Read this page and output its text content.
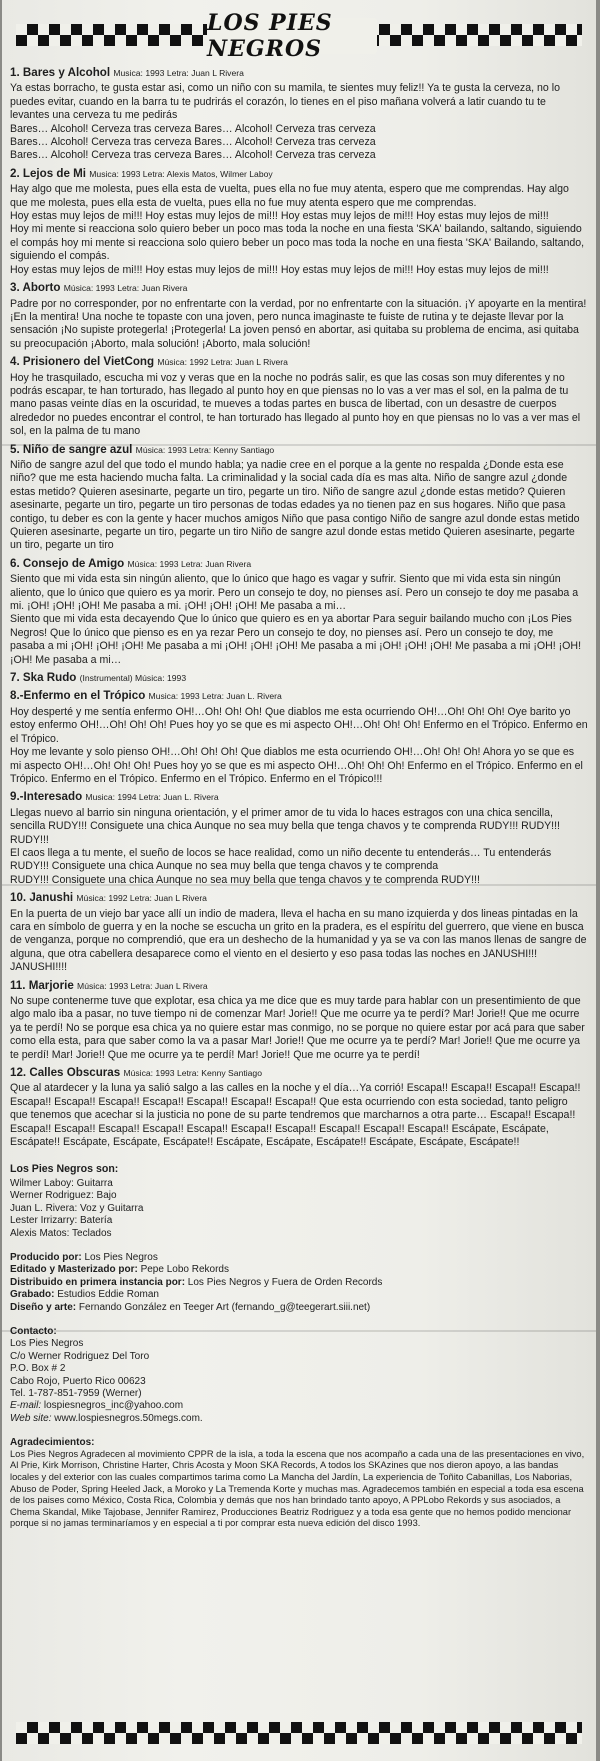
LOS PIES NEGROS
1. Bares y Alcohol Musica: 1993 Letra: Juan L Rivera
Ya estas borracho, te gusta estar asi, como un niño con su mamila, te sientes muy feliz!! Ya te gusta la cerveza, no lo puedes evitar, cuando en la barra tu te pudrirás el corazón, lo tienes en el piso mañana volverá a latir cuando tu te levantes una cerveza tu me pedirás
Bares… Alcohol! Cerveza tras cerveza Bares… Alcohol! Cerveza tras cerveza
Bares… Alcohol! Cerveza tras cerveza Bares… Alcohol! Cerveza tras cerveza
Bares… Alcohol! Cerveza tras cerveza Bares… Alcohol! Cerveza tras cerveza
2. Lejos de Mi Musica: 1993 Letra: Alexis Matos, Wilmer Laboy
Hay algo que me molesta, pues ella esta de vuelta, pues ella no fue muy atenta, espero que me comprendas. Hay algo que me molesta, pues ella esta de vuelta, pues ella no fue muy atenta espero que me comprendas.
Hoy estas muy lejos de mi!!! Hoy estas muy lejos de mi!!! Hoy estas muy lejos de mi!!! Hoy estas muy lejos de mi!!!
Hoy mi mente si reacciona solo quiero beber un poco mas toda la noche en una fiesta 'SKA' bailando, saltando, siguiendo el compás hoy mi mente si reacciona solo quiero beber un poco mas toda la noche en una fiesta 'SKA' Bailando, saltando, siguiendo el compás.
Hoy estas muy lejos de mi!!! Hoy estas muy lejos de mi!!! Hoy estas muy lejos de mi!!! Hoy estas muy lejos de mi!!!
3. Aborto Música: 1993 Letra: Juan Rivera
Padre por no corresponder, por no enfrentarte con la verdad, por no enfrentarte con la situación. ¡Y apoyarte en la mentira! ¡En la mentira! Una noche te topaste con una joven, pero nunca imaginaste te fuiste de rutina y te dejaste llevar por la sensación ¡No supiste protegerla! ¡Protegerla! La joven pensó en abortar, asi quitaba su problema de encima, asi quitaba su preocupación ¡Aborto, mala solución! ¡Aborto, mala solución!
4. Prisionero del VietCong Música: 1992 Letra: Juan L Rivera
Hoy he trasquilado, escucha mi voz y veras que en la noche no podrás salir, es que las cosas son muy diferentes y no podrás escapar, te han torturado, has llegado al punto hoy en que piensas no lo vas a ver mas el sol, en la palma de tu mano pasas veinte días en la oscuridad, te mueves a todas partes en busca de libertad, con un desastre de cuerpos alrededor no puedes encontrar el control, te han torturado has llegado al punto hoy en que piensas no lo vas a ver mas el sol, en la palma de tu mano
5. Niño de sangre azul Música: 1993 Letra: Kenny Santiago
Niño de sangre azul del que todo el mundo habla; ya nadie cree en el porque a la gente no respalda ¿Donde esta ese niño? que me esta haciendo mucha falta. La criminalidad y la social cada día es mas alta. Niño de sangre azul ¿donde estas metido? Quieren asesinarte, pegarte un tiro, pegarte un tiro. Niño de sangre azul ¿donde estas metido? Quieren asesinarte, pegarte un tiro, pegarte un tiro personas de todas edades ya no tienen paz en sus hogares. Niño que pasa contigo, tu deber es con la gente y hacer muchos amigos Niño que pasa contigo Niño de sangre azul donde estas metido Quieren asesinarte, pegarte un tiro, pegarte un tiro Niño de sangre azul donde estas metido Quieren asesinarte, pegarte un tiro, pegarte un tiro
6. Consejo de Amigo Música: 1993 Letra: Juan Rivera
Siento que mi vida esta sin ningún aliento, que lo único que hago es vagar y sufrir. Siento que mi vida esta sin ningún aliento, que lo único que quiero es ya morir. Pero un consejo te doy, no pienses así. Pero un consejo te doy me pasaba a mi. ¡OH! ¡OH! ¡OH! Me pasaba a mi. ¡OH! ¡OH! ¡OH! Me pasaba a mi…
Siento que mi vida esta decayendo Que lo único que quiero es en ya abortar Para seguir bailando mucho con ¡Los Pies Negros! Que lo único que pienso es en ya rezar Pero un consejo te doy, no pienses así. Pero un consejo te doy, me pasaba a mi ¡OH! ¡OH! ¡OH! Me pasaba a mi ¡OH! ¡OH! ¡OH! Me pasaba a mi ¡OH! ¡OH! ¡OH! Me pasaba a mi ¡OH! ¡OH! ¡OH! Me pasaba a mi…
7. Ska Rudo (Instrumental) Música: 1993
8.-Enfermo en el Trópico Musica: 1993 Letra: Juan L. Rivera
Hoy desperté y me sentía enfermo OH!…Oh! Oh! Oh! Que diablos me esta ocurriendo OH!…Oh! Oh! Oh! Oye barito yo estoy enfermo OH!…Oh! Oh! Oh! Pues hoy yo se que es mi aspecto OH!…Oh! Oh! Oh! Enfermo en el Trópico. Enfermo en el Trópico.
Hoy me levante y solo pienso OH!…Oh! Oh! Oh! Que diablos me esta ocurriendo OH!…Oh! Oh! Oh! Ahora yo se que es mi aspecto OH!…Oh! Oh! Oh! Pues hoy yo se que es mi aspecto OH!…Oh! Oh! Oh! Enfermo en el Trópico. Enfermo en el Trópico. Enfermo en el Trópico. Enfermo en el Trópico. Enfermo en el Trópico!!!
9.-Interesado Musica: 1994 Letra: Juan L. Rivera
Llegas nuevo al barrio sin ninguna orientación, y el primer amor de tu vida lo haces estragos con una chica sencilla, sencilla RUDY!!! Consiguete una chica Aunque no sea muy bella que tenga chavos y te comprenda RUDY!!! RUDY!!! RUDY!!!
El caos llega a tu mente, el sueño de locos se hace realidad, como un niño decente tu entenderás… Tu entenderás RUDY!!! Consiguete una chica Aunque no sea muy bella que tenga chavos y te comprenda
RUDY!!! Consiguete una chica Aunque no sea muy bella que tenga chavos y te comprenda RUDY!!!
10. Janushi Música: 1992 Letra: Juan L Rivera
En la puerta de un viejo bar yace allí un indio de madera, lleva el hacha en su mano izquierda y dos lineas pintadas en la cara en símbolo de guerra y en la noche se escucha un grito en la pradera, es el espíritu del guerrero, que viene en busca de venganza, porque no comprendió, que era un deshecho de la humanidad y ya se va con las manos llenas de sangre de alguna, que otra cabellera desaparece como el viento en el desierto y eso pasa todas las noches en JANUSHI!!! JANUSHI!!!!
11. Marjorie Música: 1993 Letra: Juan L Rivera
No supe contenerme tuve que explotar, esa chica ya me dice que es muy tarde para hablar con un presentimiento de que algo malo iba a pasar, no tuve tiempo ni de comenzar Mar! Jorie!! Que me ocurre ya te perdí? Mar! Jorie!! Que me ocurre ya te perdí! No se porque esa chica ya no quiere estar mas conmigo, no se porque no quiere estar por acá para que saber como ella esta, para que saber como la va a pasar Mar! Jorie!! Que me ocurre ya te perdí? Mar! Jorie!! Que me ocurre ya te perdí! Mar! Jorie!! Que me ocurre ya te perdí! Mar! Jorie!! Que me ocurre ya te perdí!
12. Calles Obscuras Música: 1993 Letra: Kenny Santiago
Que al atardecer y la luna ya salió salgo a las calles en la noche y el día…Ya corrió! Escapa!! Escapa!! Escapa!! Escapa!! Escapa!! Escapa!! Escapa!! Escapa!! Escapa!! Escapa!! Escapa!! Que esta ocurriendo con esta sociedad, tanto peligro que tenemos que acechar si la justicia no pone de su parte tendremos que marcharnos a otra parte… Escapa!! Escapa!! Escapa!! Escapa!! Escapa!! Escapa!! Escapa!! Escapa!! Escapa!! Escapa!! Escapa!! Escapa!! Escápate, Escápate, Escápate!! Escápate, Escápate, Escápate!! Escápate, Escápate, Escápate!! Escápate, Escápate, Escápate!!
Los Pies Negros son:
Wilmer Laboy: Guitarra
Werner Rodriguez: Bajo
Juan L. Rivera: Voz y Guitarra
Lester Irrizarry: Batería
Alexis Matos: Teclados
Producido por: Los Pies Negros
Editado y Masterizado por: Pepe Lobo Rekords
Distribuido en primera instancia por: Los Pies Negros y Fuera de Orden Records
Grabado: Estudios Eddie Roman
Diseño y arte: Fernando González en Teeger Art (fernando_g@teegerart.siii.net)
Contacto:
Los Pies Negros
C/o Werner Rodriguez Del Toro
P.O. Box # 2
Cabo Rojo, Puerto Rico 00623
Tel. 1-787-851-7959 (Werner)
E-mail: lospiesnegros_inc@yahoo.com
Web site: www.lospiesnegros.50megs.com.
Agradecimientos:
Los Pies Negros Agradecen al movimiento CPPR de la isla, a toda la escena que nos acompaño a cada una de las presentaciones en vivo, Al Prie, Kirk Morrison, Christine Harter, Chris Acosta y Moon SKA Records, A todos los SKAzines que nos dieron apoyo, a las bandas locales y del exterior con las cuales compartimos tarima como La Mancha del Jardín, La experiencia de Toñito Cabanillas, Los Naborias, Abuso de Poder, Spring Heeled Jack, a Moroko y La Tremenda Korte y muchas mas. Agradecemos también en especial a toda esa escena de los paises como México, Costa Rica, Colombia y demás que nos han brindado tanto apoyo, A PPLobo Rekords y sus asociados, a Chema Skandal, Mike Tajobase, Jennifer Ramirez, Producciones Beatriz Rodriguez y a toda esa gente que no hemos podido mencionar porque si no jamas terminaríamos y en especial a ti por comprar esta nueva edición del disco 1993.
